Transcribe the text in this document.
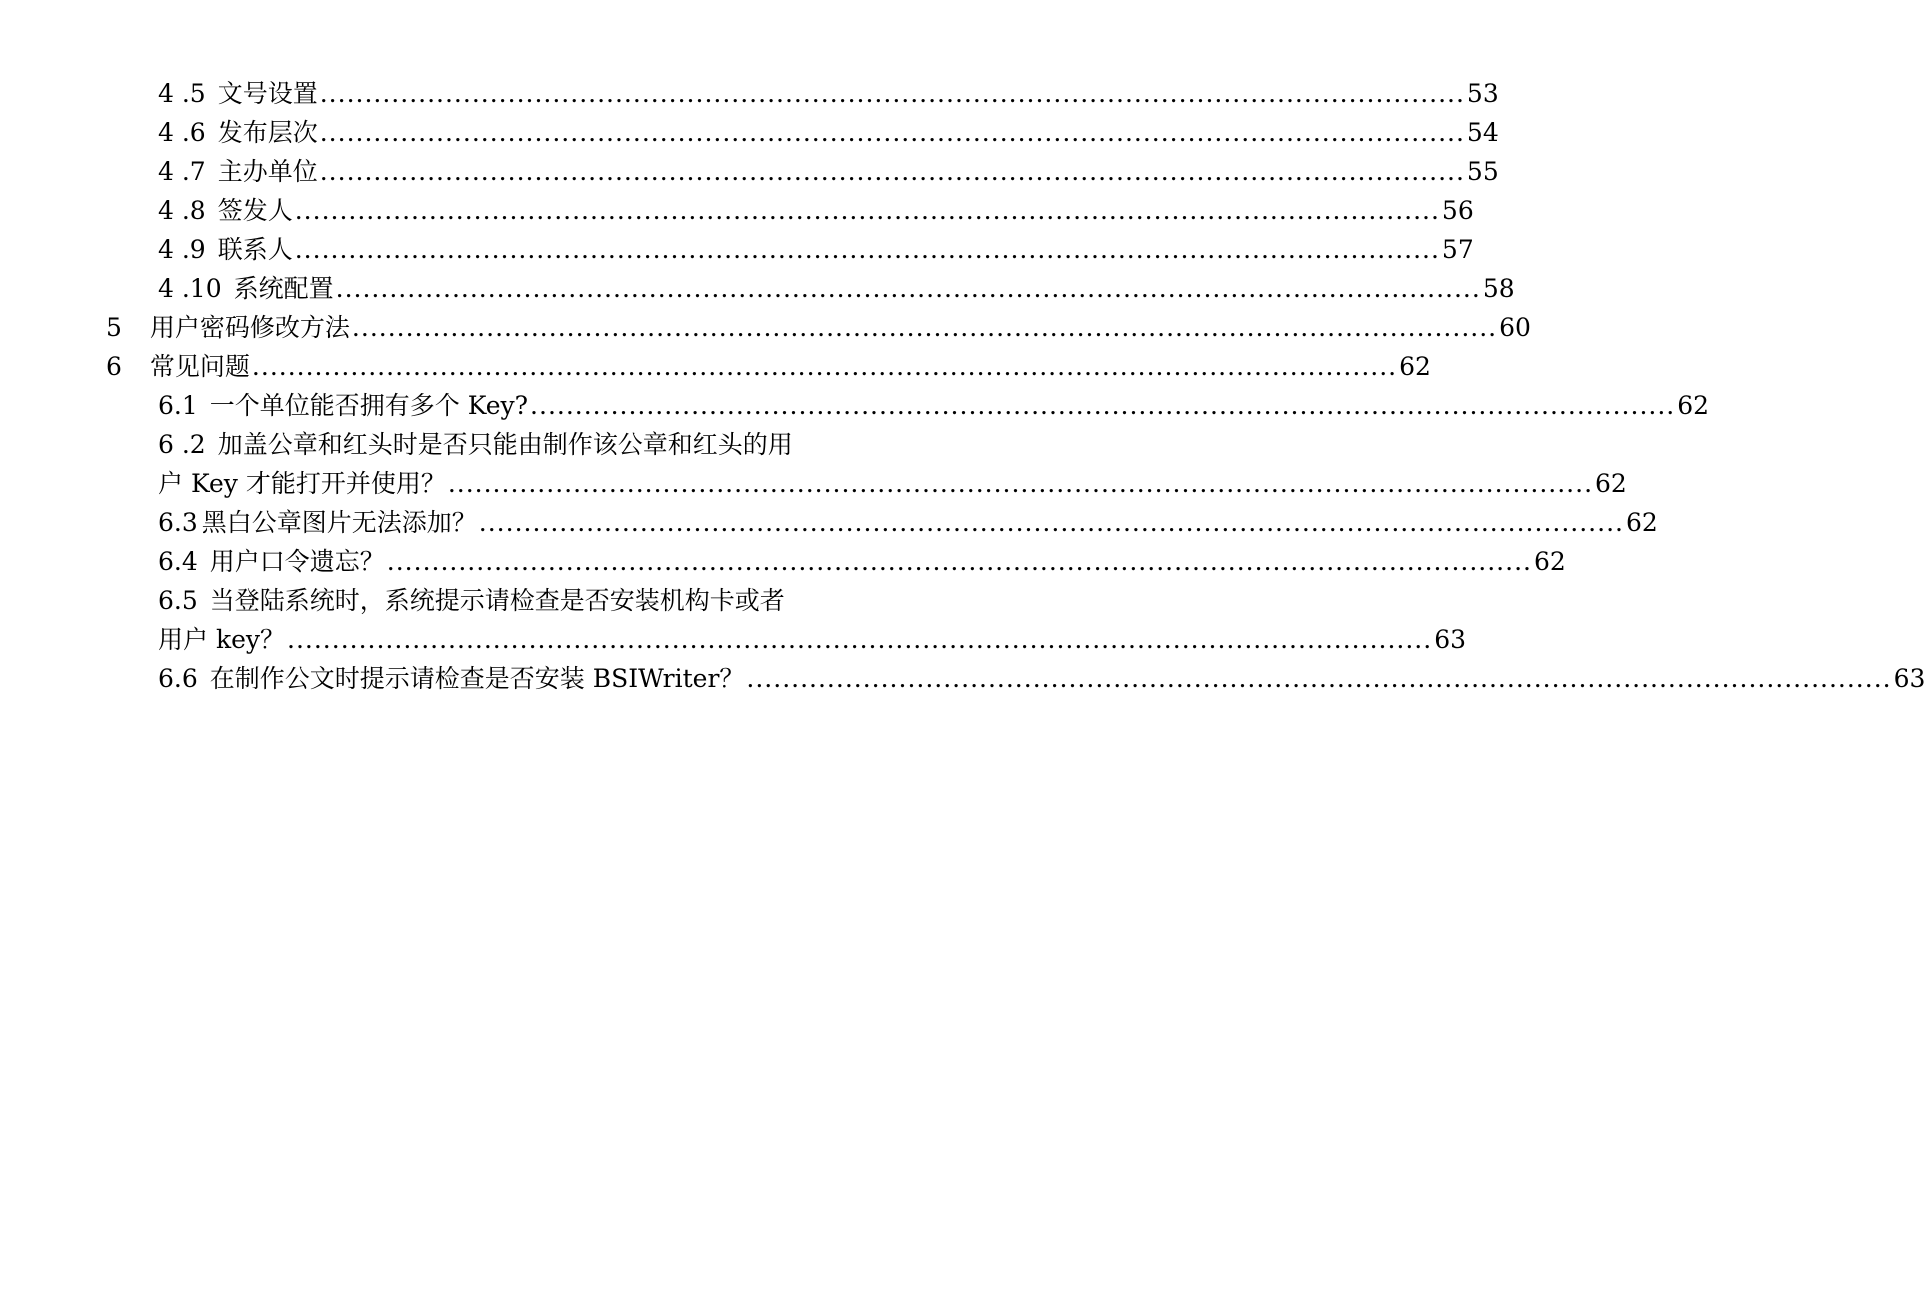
4 .5 文号设置 ................................................................................................................................ 53
4 .6 发布层次 ................................................................................................................................ 54
4 .7 主办单位 ................................................................................................................................ 55
4 .8 签发人 ................................................................................................................................ 56
4 .9 联系人 ................................................................................................................................ 57
4 .10 系统配置 ................................................................................................................................ 58
5 用户密码修改方法 ................................................................................................................................ 60
6 常见问题 ................................................................................................................................ 62
6.1 一个单位能否拥有多个 Key? ................................................................................................................................ 62
6 .2 加盖公章和红头时是否只能由制作该公章和红头的用
户 Key 才能打开并使用？ ................................................................................................................................ 62
6.3 黑白公章图片无法添加？ ................................................................................................................................ 62
6.4 用户口令遗忘？ ................................................................................................................................ 62
6.5 当登陆系统时，系统提示请检查是否安装机构卡或者
用户 key？ ................................................................................................................................ 63
6.6 在制作公文时提示请检查是否安装 BSIWriter？ ................................................................................................................................ 63
